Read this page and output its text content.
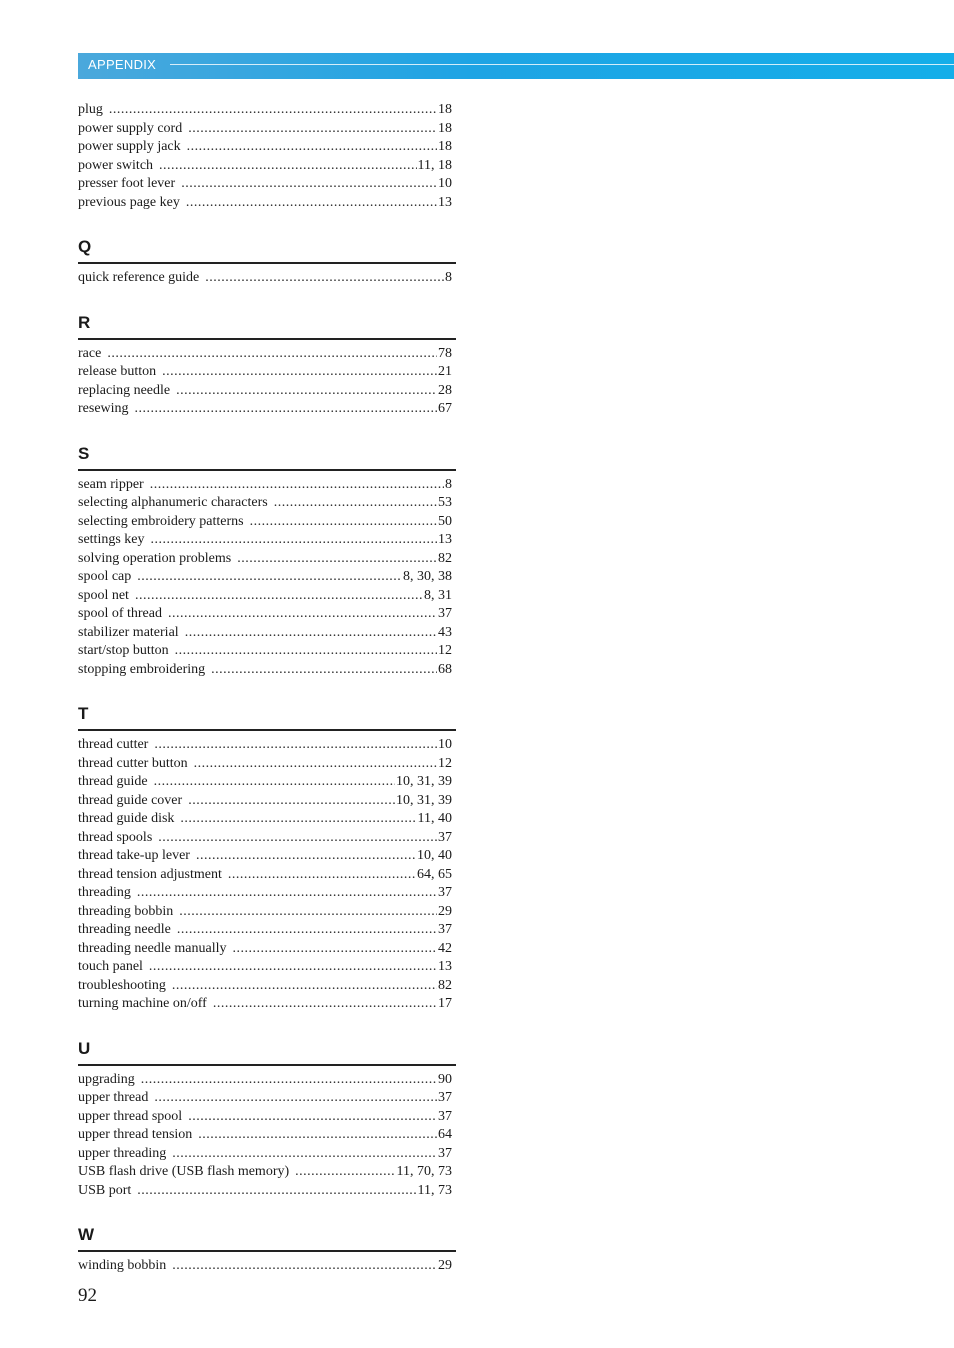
APPENDIX
plug .....	18
power supply cord .....	18
power supply jack .....	18
power switch .....	11, 18
presser foot lever .....	10
previous page key .....	13
Q
quick reference guide .....	8
R
race .....	78
release button .....	21
replacing needle .....	28
resewing .....	67
S
seam ripper .....	8
selecting alphanumeric characters .....	53
selecting embroidery patterns .....	50
settings key .....	13
solving operation problems .....	82
spool cap .....	8, 30, 38
spool net .....	8, 31
spool of thread .....	37
stabilizer material .....	43
start/stop button .....	12
stopping embroidering .....	68
T
thread cutter .....	10
thread cutter button .....	12
thread guide .....	10, 31, 39
thread guide cover .....	10, 31, 39
thread guide disk .....	11, 40
thread spools .....	37
thread take-up lever .....	10, 40
thread tension adjustment .....	64, 65
threading .....	37
threading bobbin .....	29
threading needle .....	37
threading needle manually .....	42
touch panel .....	13
troubleshooting .....	82
turning machine on/off .....	17
U
upgrading .....	90
upper thread .....	37
upper thread spool .....	37
upper thread tension .....	64
upper threading .....	37
USB flash drive (USB flash memory) .....	11, 70, 73
USB port .....	11, 73
W
winding bobbin .....	29
92
